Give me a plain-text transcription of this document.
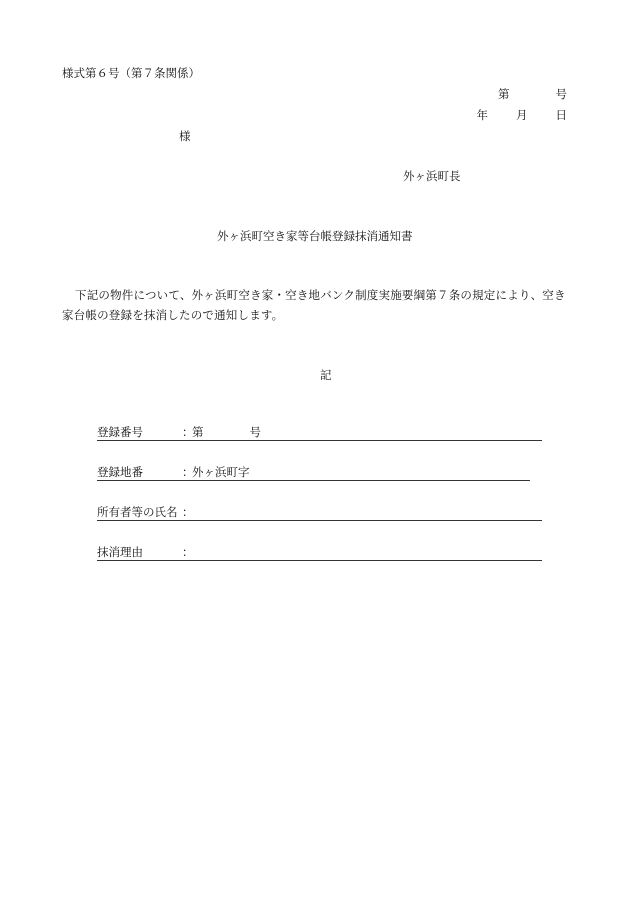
様式第６号（第７条関係）
第	号
年 月 日
様
外ヶ浜町長
外ヶ浜町空き家等台帳登録抹消通知書
下記の物件について、外ヶ浜町空き家・空き地バンク制度実施要綱第７条の規定により、空き家台帳の登録を抹消したので通知します。
記
登録番号	：第	号
登録地番	：外ヶ浜町字
所有者等の氏名 ：
抹消理由	：
